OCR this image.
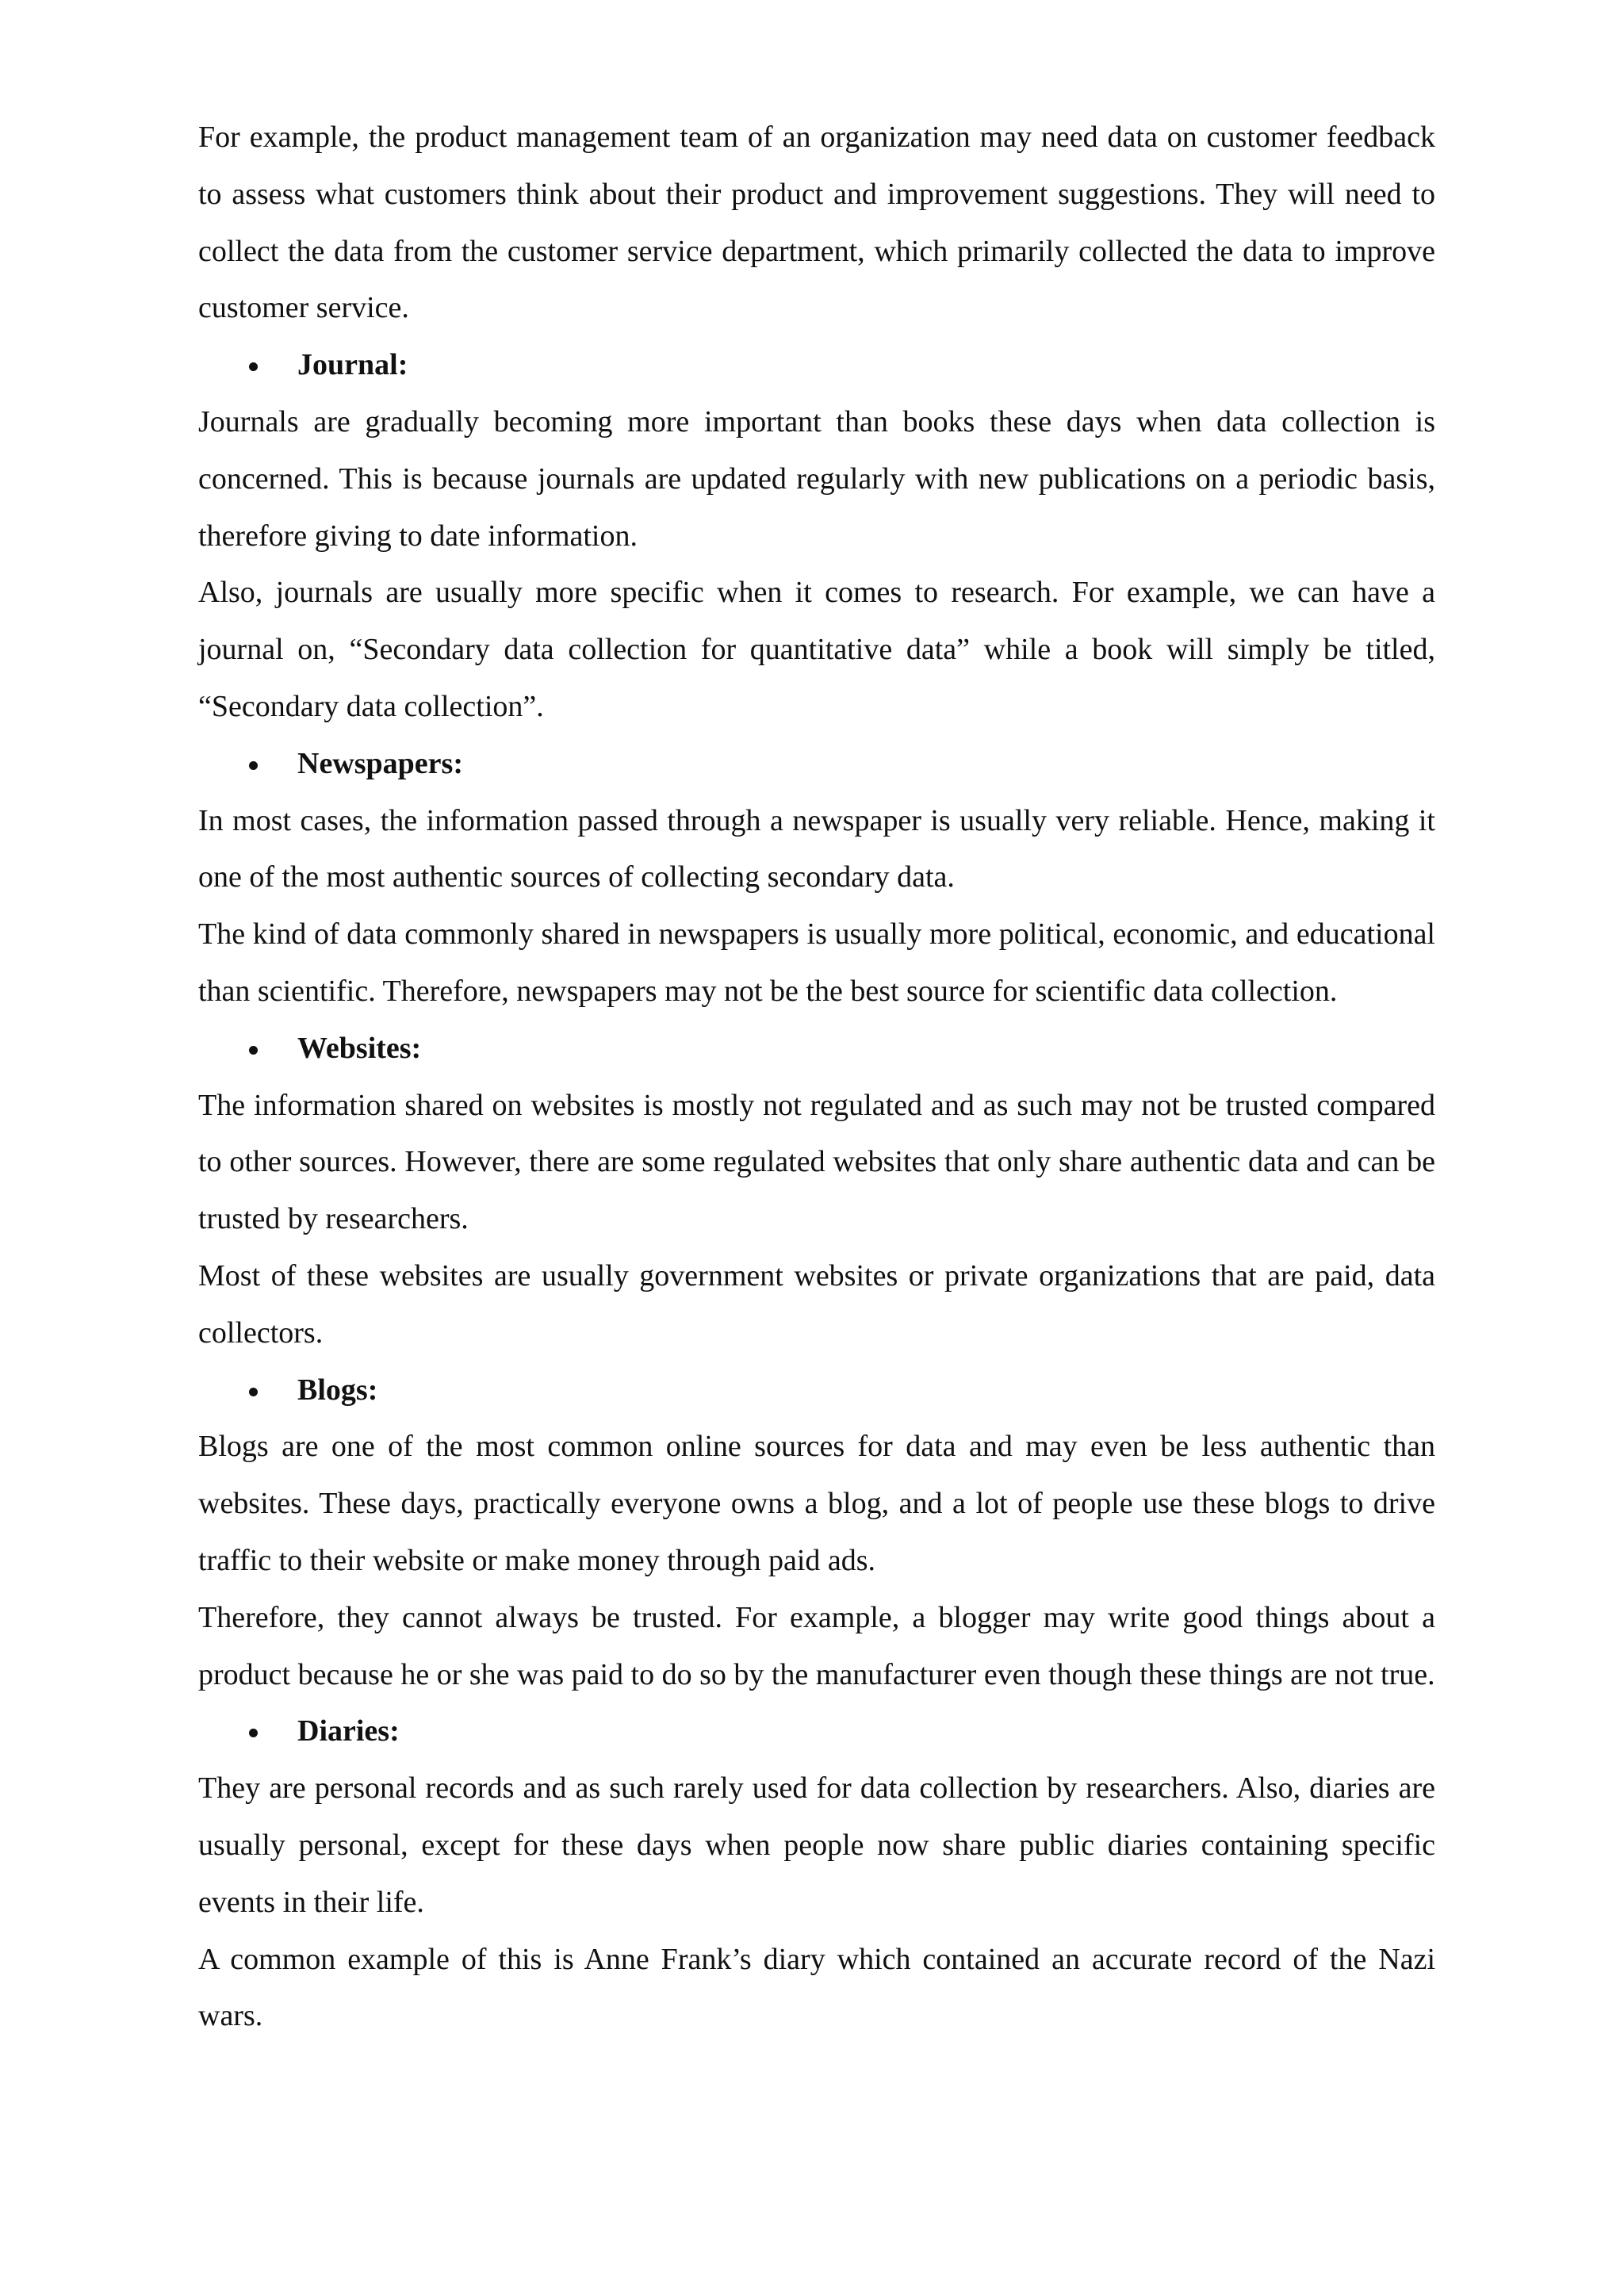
For example, the product management team of an organization may need data on customer feedback to assess what customers think about their product and improvement suggestions. They will need to collect the data from the customer service department, which primarily collected the data to improve customer service.

Journal:

Journals are gradually becoming more important than books these days when data collection is concerned. This is because journals are updated regularly with new publications on a periodic basis, therefore giving to date information.

Also, journals are usually more specific when it comes to research. For example, we can have a journal on, “Secondary data collection for quantitative data” while a book will simply be titled, “Secondary data collection”.

Newspapers:

In most cases, the information passed through a newspaper is usually very reliable. Hence, making it one of the most authentic sources of collecting secondary data.

The kind of data commonly shared in newspapers is usually more political, economic, and educational than scientific. Therefore, newspapers may not be the best source for scientific data collection.

Websites:

The information shared on websites is mostly not regulated and as such may not be trusted compared to other sources. However, there are some regulated websites that only share authentic data and can be trusted by researchers.

Most of these websites are usually government websites or private organizations that are paid, data collectors.

Blogs:

Blogs are one of the most common online sources for data and may even be less authentic than websites. These days, practically everyone owns a blog, and a lot of people use these blogs to drive traffic to their website or make money through paid ads.

Therefore, they cannot always be trusted. For example, a blogger may write good things about a product because he or she was paid to do so by the manufacturer even though these things are not true.

Diaries:

They are personal records and as such rarely used for data collection by researchers. Also, diaries are usually personal, except for these days when people now share public diaries containing specific events in their life.

A common example of this is Anne Frank’s diary which contained an accurate record of the Nazi wars.
